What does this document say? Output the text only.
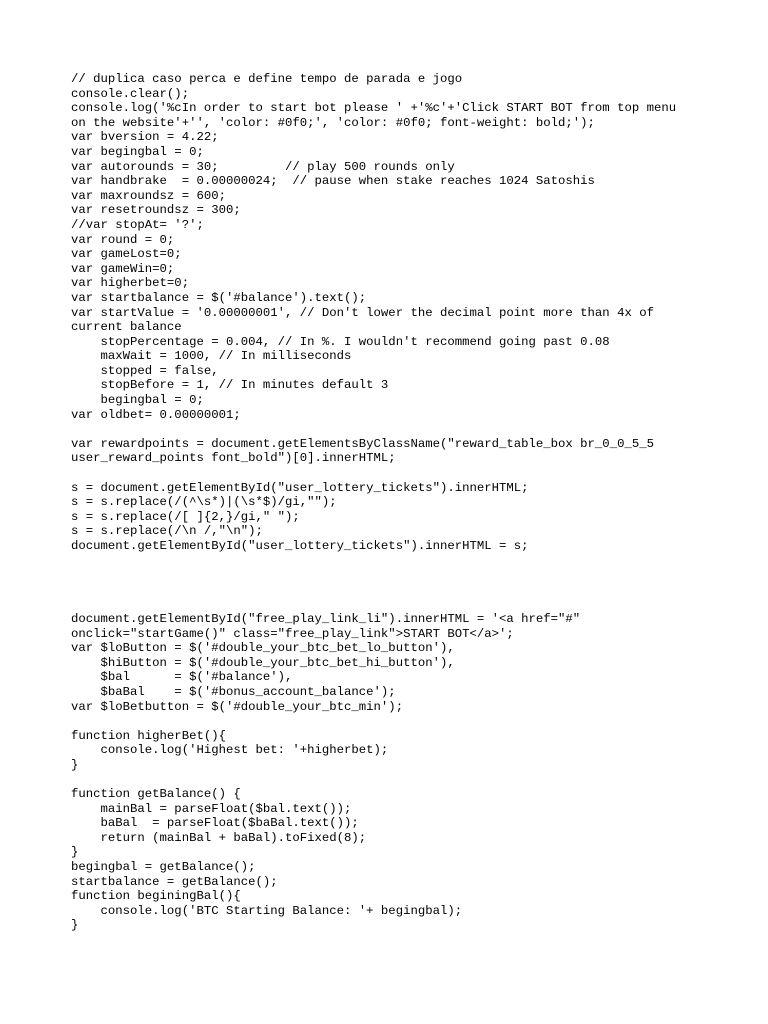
// duplica caso perca e define tempo de parada e jogo
console.clear();
console.log('%cIn order to start bot please ' +'%c'+'Click START BOT from top menu
on the website'+'', 'color: #0f0;', 'color: #0f0; font-weight: bold;');
var bversion = 4.22;
var begingbal = 0;
var autorounds = 30;         // play 500 rounds only
var handbrake  = 0.00000024;  // pause when stake reaches 1024 Satoshis
var maxroundsz = 600;
var resetroundsz = 300;
//var stopAt= '?';
var round = 0;
var gameLost=0;
var gameWin=0;
var higherbet=0;
var startbalance = $('#balance').text();
var startValue = '0.00000001', // Don't lower the decimal point more than 4x of
current balance
stopPercentage = 0.004, // In %. I wouldn't recommend going past 0.08
maxWait = 1000, // In milliseconds
stopped = false,
stopBefore = 1, // In minutes default 3
begingbal = 0;
var oldbet= 0.00000001;
var rewardpoints = document.getElementsByClassName("reward_table_box br_0_0_5_5
user_reward_points font_bold")[0].innerHTML;
s = document.getElementById("user_lottery_tickets").innerHTML;
s = s.replace(/(^\s*)|(\s*$)/gi,"");
s = s.replace(/[ ]{2,}/gi," ");
s = s.replace(/\n /,"\n");
document.getElementById("user_lottery_tickets").innerHTML = s;
document.getElementById("free_play_link_li").innerHTML = '<a href="#"
onclick="startGame()" class="free_play_link">START BOT</a>';
var $loButton = $('#double_your_btc_bet_lo_button'),
$hiButton = $('#double_your_btc_bet_hi_button'),
$bal      = $('#balance'),
$baBal    = $('#bonus_account_balance');
var $loBetbutton = $('#double_your_btc_min');
function higherBet(){
console.log('Highest bet: '+higherbet);
}
function getBalance() {
mainBal = parseFloat($bal.text());
baBal  = parseFloat($baBal.text());
return (mainBal + baBal).toFixed(8);
}
begingbal = getBalance();
startbalance = getBalance();
function beginingBal(){
console.log('BTC Starting Balance: '+ begingbal);
}
